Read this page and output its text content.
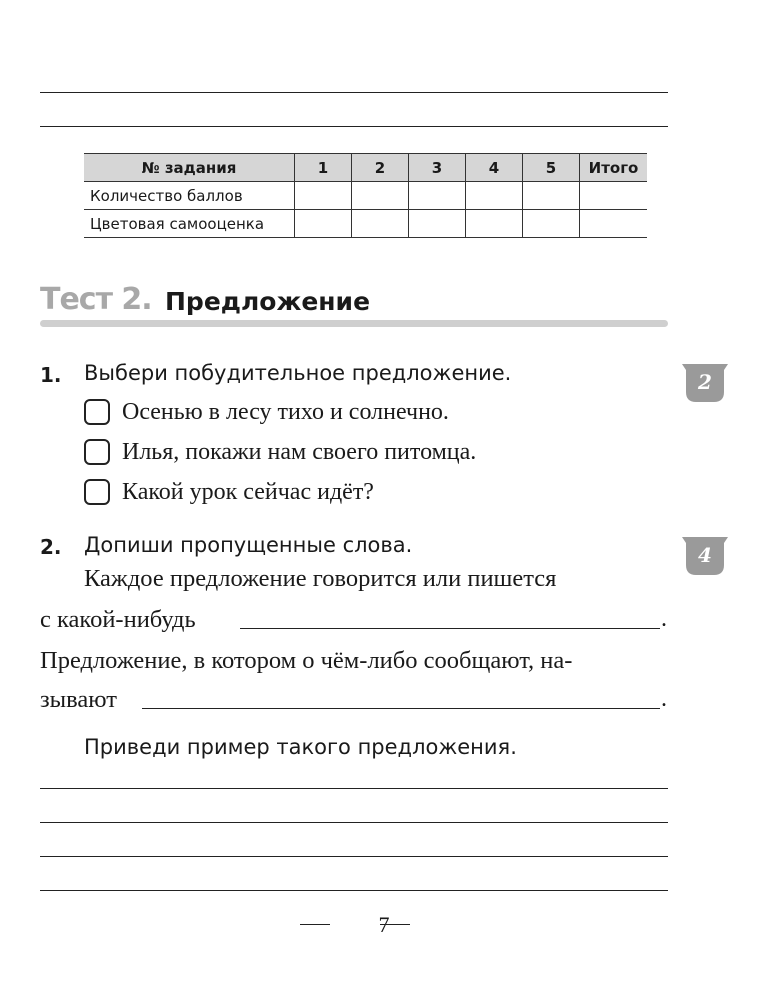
№ задания	1	2	3	4	5	Итого
Количество баллов						
Цветовая самооценка						
Тест 2. Предложение
1. Выбери побудительное предложение.	2
Осенью в лесу тихо и солнечно.
Илья, покажи нам своего питомца.
Какой урок сейчас идёт?
2. Допиши пропущенные слова.	4
Каждое предложение говорится или пишется
с какой-нибудь	.
Предложение, в котором о чём-либо сообщают, на-
зывают	.
Приведи пример такого предложения.
7
